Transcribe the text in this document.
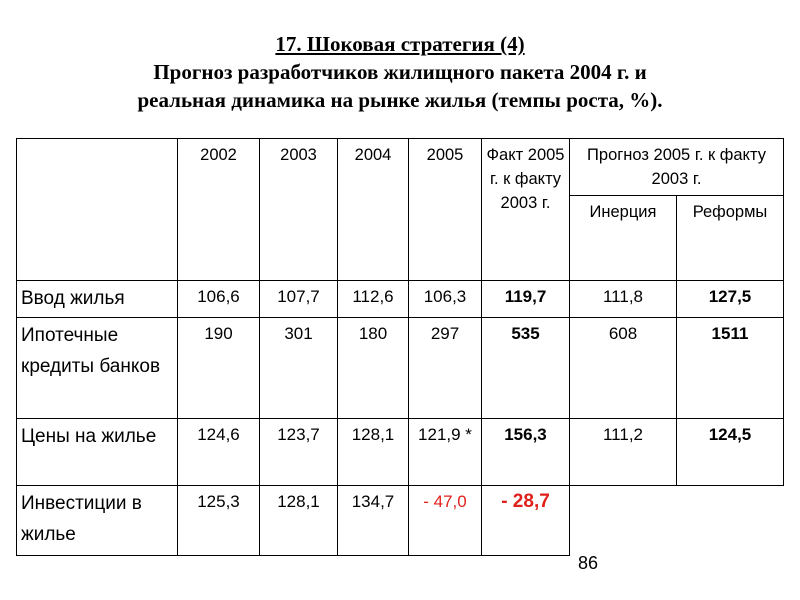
17. Шоковая стратегия (4)
Прогноз разработчиков жилищного пакета 2004 г. и
реальная динамика на рынке жилья (темпы роста, %).
	2002	2003	2004	2005	Факт 2005 г. к факту 2003 г.	Прогноз 2005 г. к факту 2003 г.	
						Инерция	Реформы
Ввод жилья	106,6	107,7	112,6	106,3	119,7	111,8	127,5
Ипотечные кредиты банков	190	301	180	297	535	608	1511
Цены на жилье	124,6	123,7	128,1	121,9 *	156,3	111,2	124,5
Инвестиции в жилье	125,3	128,1	134,7	- 47,0	- 28,7		
86
